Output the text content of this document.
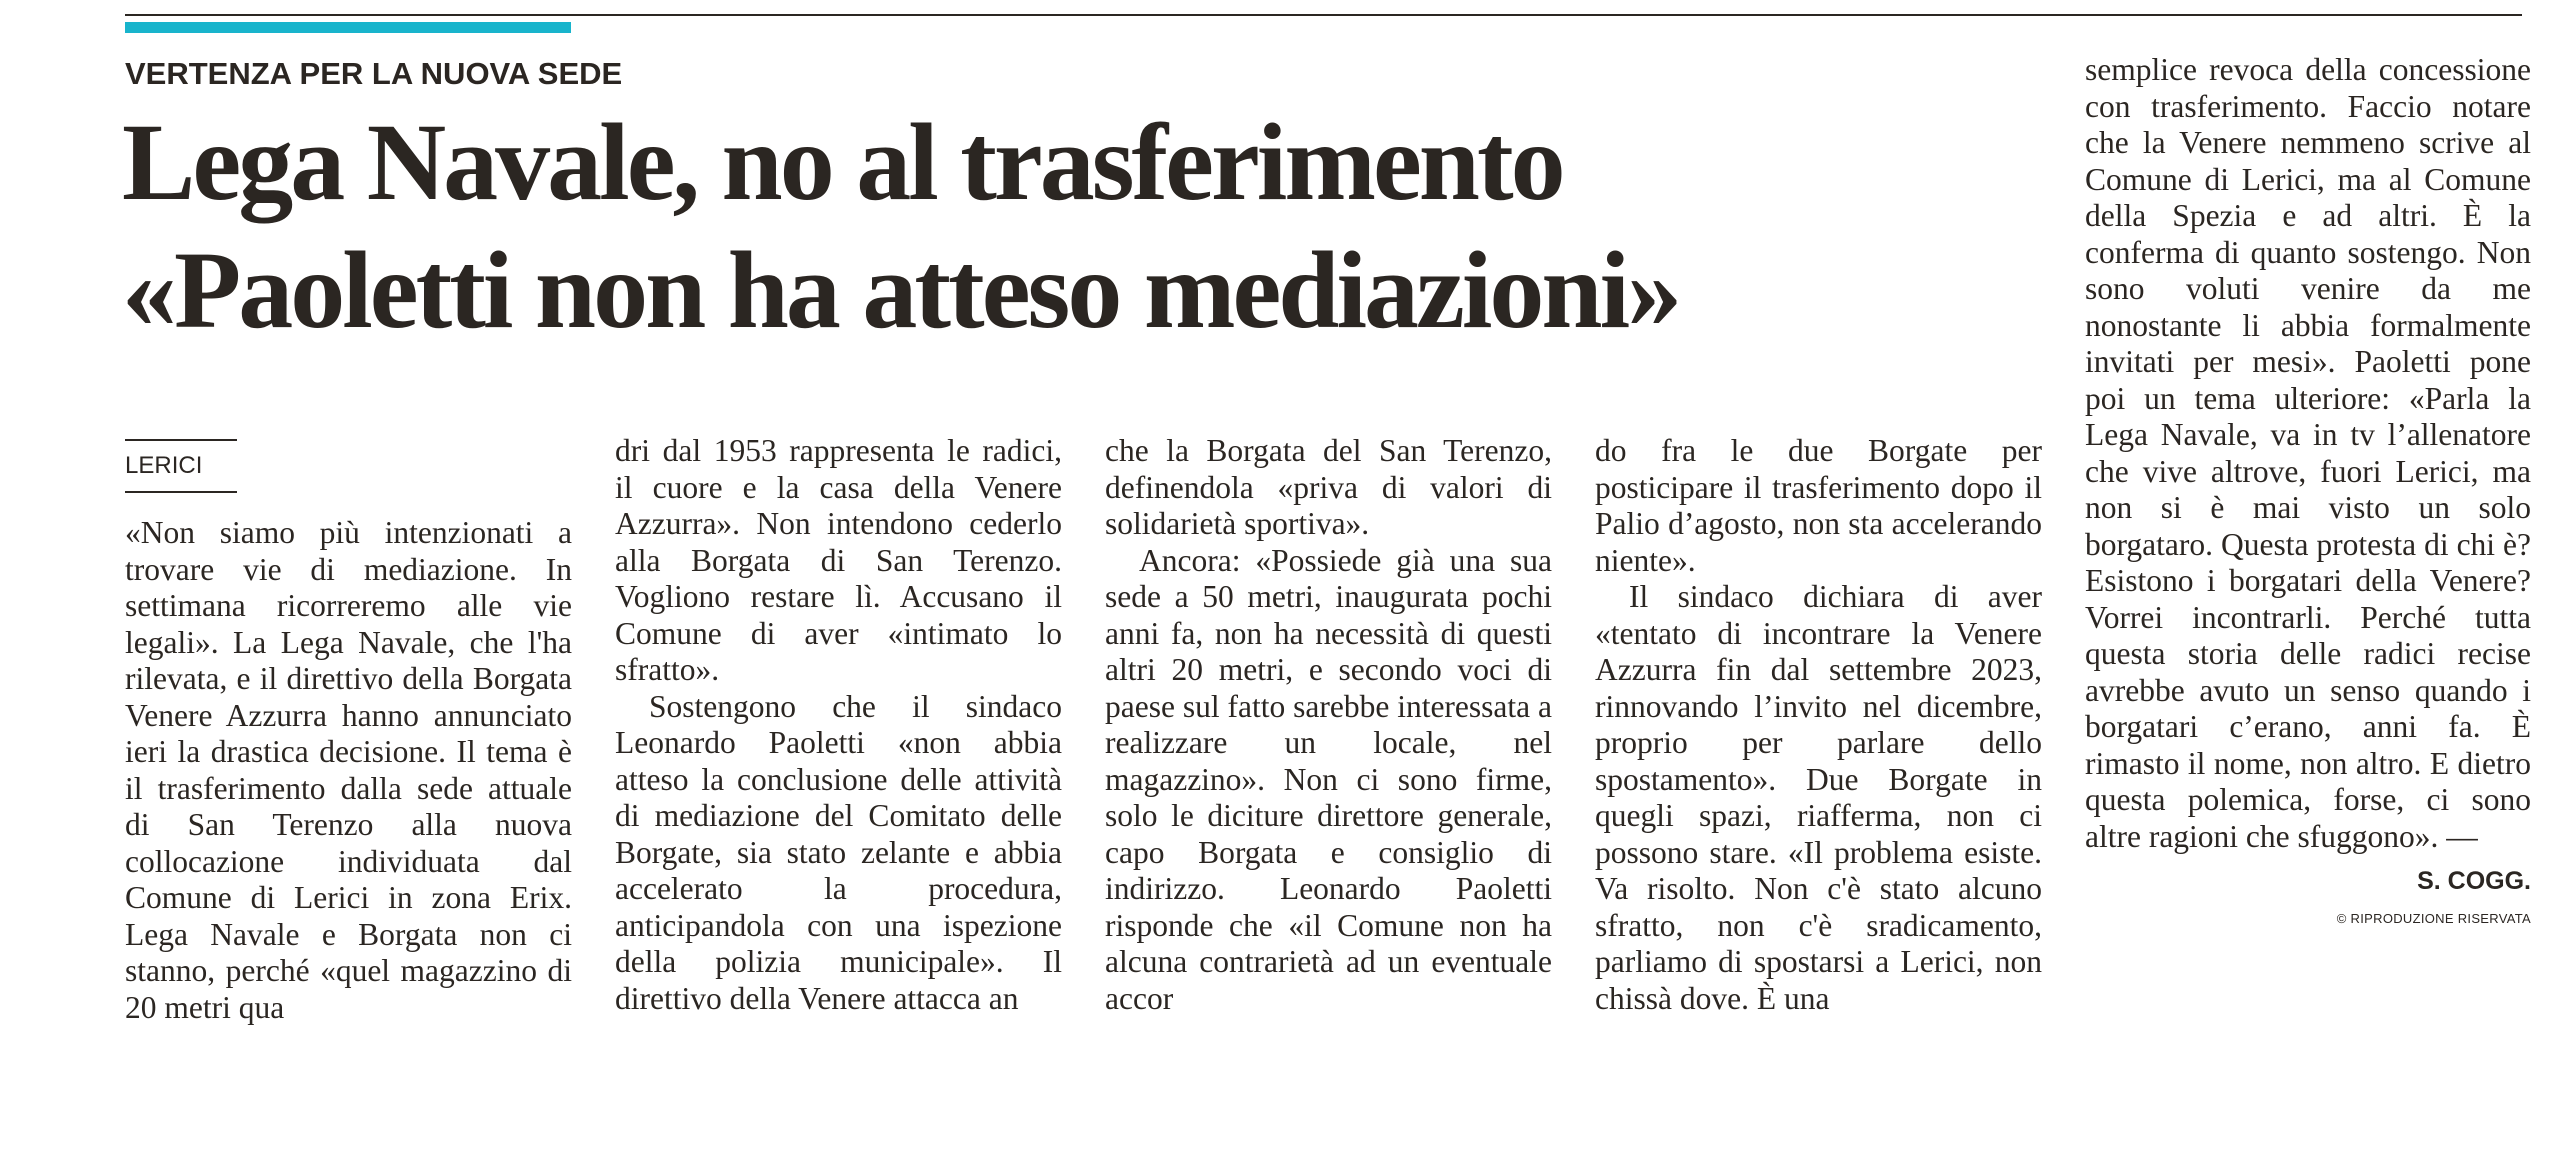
VERTENZA PER LA NUOVA SEDE
Lega Navale, no al trasferimento
«Paoletti non ha atteso mediazioni»
LERICI

«Non siamo più intenzionati a trovare vie di mediazione. In settimana ricorreremo alle vie legali». La Lega Navale, che l'ha rilevata, e il direttivo della Borgata Venere Azzurra hanno annunciato ieri la drastica decisione. Il tema è il trasferimento dalla sede attuale di San Terenzo alla nuova collocazione individuata dal Comune di Lerici in zona Erix. Lega Navale e Borgata non ci stanno, perché «quel magazzino di 20 metri qua

dri dal 1953 rappresenta le radici, il cuore e la casa della Venere Azzurra». Non intendono cederlo alla Borgata di San Terenzo. Vogliono restare lì. Accusano il Comune di aver «intimato lo sfratto».

Sostengono che il sindaco Leonardo Paoletti «non abbia atteso la conclusione delle attività di mediazione del Comitato delle Borgate, sia stato zelante e abbia accelerato la procedura, anticipandola con una ispezione della polizia municipale». Il direttivo della Venere attacca an

che la Borgata del San Terenzo, definendola «priva di valori di solidarietà sportiva».

Ancora: «Possiede già una sua sede a 50 metri, inaugurata pochi anni fa, non ha necessità di questi altri 20 metri, e secondo voci di paese sul fatto sarebbe interessata a realizzare un locale, nel magazzino». Non ci sono firme, solo le diciture direttore generale, capo Borgata e consiglio di indirizzo. Leonardo Paoletti risponde che «il Comune non ha alcuna contrarietà ad un eventuale accor

do fra le due Borgate per posticipare il trasferimento dopo il Palio d’agosto, non sta accelerando niente».

Il sindaco dichiara di aver «tentato di incontrare la Venere Azzurra fin dal settembre 2023, rinnovando l’invito nel dicembre, proprio per parlare dello spostamento». Due Borgate in quegli spazi, riafferma, non ci possono stare. «Il problema esiste. Va risolto. Non c'è stato alcuno sfratto, non c'è sradicamento, parliamo di spostarsi a Lerici, non chissà dove. È una

semplice revoca della concessione con trasferimento. Faccio notare che la Venere nemmeno scrive al Comune di Lerici, ma al Comune della Spezia e ad altri. È la conferma di quanto sostengo. Non sono voluti venire da me nonostante li abbia formalmente invitati per mesi». Paoletti pone poi un tema ulteriore: «Parla la Lega Navale, va in tv l’allenatore che vive altrove, fuori Lerici, ma non si è mai visto un solo borgataro. Questa protesta di chi è? Esistono i borgatari della Venere? Vorrei incontrarli. Perché tutta questa storia delle radici recise avrebbe avuto un senso quando i borgatari c’erano, anni fa. È rimasto il nome, non altro. E dietro questa polemica, forse, ci sono altre ragioni che sfuggono». —

S. COGG.
© RIPRODUZIONE RISERVATA
